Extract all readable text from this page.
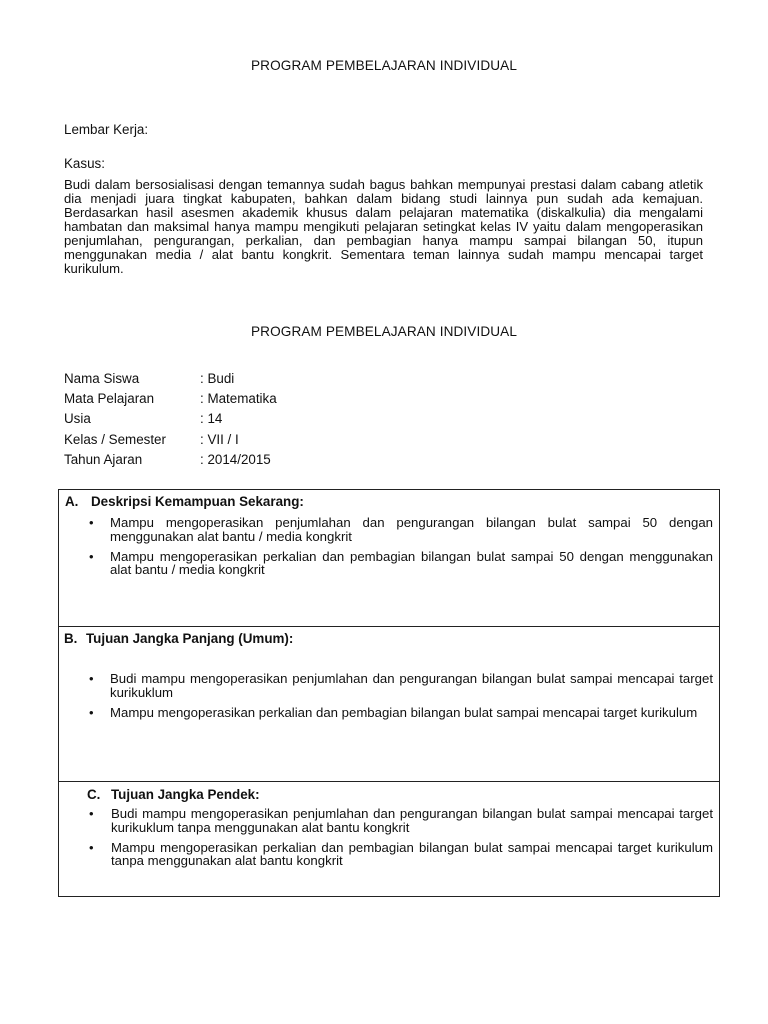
PROGRAM PEMBELAJARAN INDIVIDUAL
Lembar Kerja:
Kasus:
Budi dalam bersosialisasi dengan temannya sudah bagus bahkan mempunyai prestasi dalam cabang atletik dia menjadi juara tingkat kabupaten, bahkan dalam bidang studi lainnya pun sudah ada kemajuan. Berdasarkan hasil asesmen akademik khusus dalam pelajaran matematika (diskalkulia) dia mengalami hambatan dan maksimal hanya mampu mengikuti pelajaran setingkat kelas IV yaitu dalam mengoperasikan penjumlahan, pengurangan, perkalian, dan pembagian hanya mampu sampai bilangan 50, itupun menggunakan media / alat bantu kongkrit. Sementara teman lainnya sudah mampu mencapai target kurikulum.
PROGRAM PEMBELAJARAN INDIVIDUAL
Nama Siswa	: Budi
Mata Pelajaran	: Matematika
Usia	: 14
Kelas / Semester	: VII / I
Tahun Ajaran	: 2014/2015
A. Deskripsi Kemampuan Sekarang:
• Mampu mengoperasikan penjumlahan dan pengurangan bilangan bulat sampai 50 dengan menggunakan alat bantu / media kongkrit
• Mampu mengoperasikan perkalian dan pembagian bilangan bulat sampai 50 dengan menggunakan alat bantu / media kongkrit
B. Tujuan Jangka Panjang (Umum):
• Budi mampu mengoperasikan penjumlahan dan pengurangan bilangan bulat sampai mencapai target kurikuklum
• Mampu mengoperasikan perkalian dan pembagian bilangan bulat sampai mencapai target kurikulum
C. Tujuan Jangka Pendek:
• Budi mampu mengoperasikan penjumlahan dan pengurangan bilangan bulat sampai mencapai target kurikuklum tanpa menggunakan alat bantu kongkrit
• Mampu mengoperasikan perkalian dan pembagian bilangan bulat sampai mencapai target kurikulum tanpa menggunakan alat bantu kongkrit
